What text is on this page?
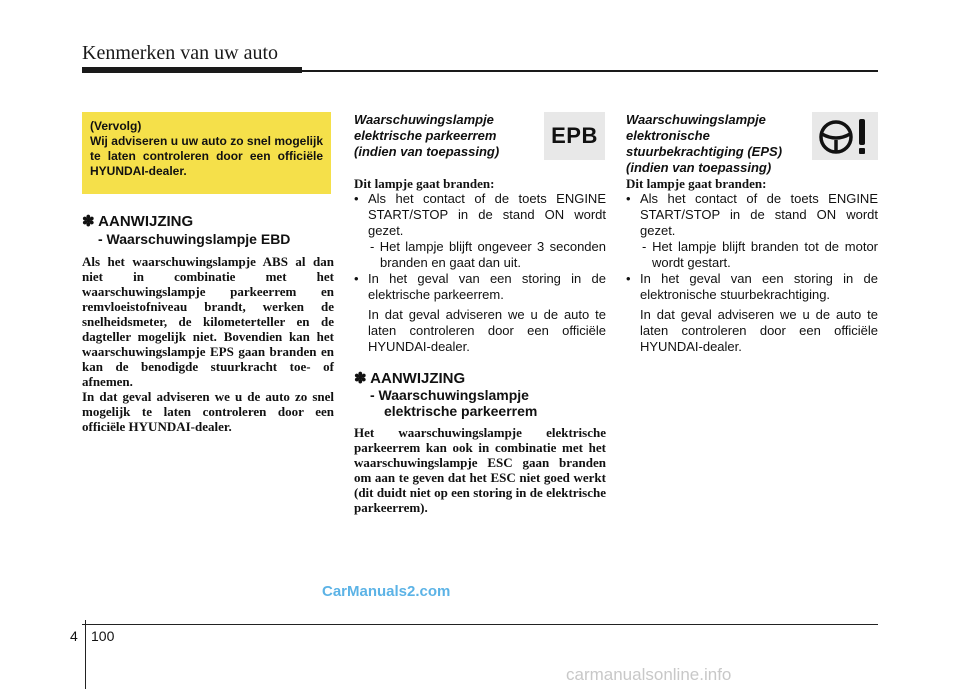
Kenmerken van uw auto
(Vervolg)
Wij adviseren u uw auto zo snel mogelijk te laten controleren door een officiële HYUNDAI-dealer.
✽ AANWIJZING
- Waarschuwingslampje EBD
Als het waarschuwingslampje ABS al dan niet in combinatie met het waarschuwingslampje parkeerrem en remvloeistofniveau brandt, werken de snelheidsmeter, de kilometerteller en de dagteller mogelijk niet. Bovendien kan het waarschuwingslampje EPS gaan branden en kan de benodigde stuurkracht toe- of afnemen.
In dat geval adviseren we u de auto zo snel mogelijk te laten controleren door een officiële HYUNDAI-dealer.
Waarschuwingslampje
elektrische parkeerrem
(indien van toepassing)
EPB
Dit lampje gaat branden:
• Als het contact of de toets ENGINE START/STOP in de stand ON wordt gezet.
- Het lampje blijft ongeveer 3 seconden branden en gaat dan uit.
• In het geval van een storing in de elektrische parkeerrem.
In dat geval adviseren we u de auto te laten controleren door een officiële HYUNDAI-dealer.
✽ AANWIJZING
- Waarschuwingslampje
elektrische parkeerrem
Het waarschuwingslampje elektrische parkeerrem kan ook in combinatie met het waarschuwingslampje ESC gaan branden om aan te geven dat het ESC niet goed werkt (dit duidt niet op een storing in de elektrische parkeerrem).
Waarschuwingslampje
elektronische
stuurbekrachtiging (EPS)
(indien van toepassing)
Dit lampje gaat branden:
• Als het contact of de toets ENGINE START/STOP in de stand ON wordt gezet.
- Het lampje blijft branden tot de motor wordt gestart.
• In het geval van een storing in de elektronische stuurbekrachtiging.
In dat geval adviseren we u de auto te laten controleren door een officiële HYUNDAI-dealer.
CarManuals2.com
4 100
carmanualsonline.info
